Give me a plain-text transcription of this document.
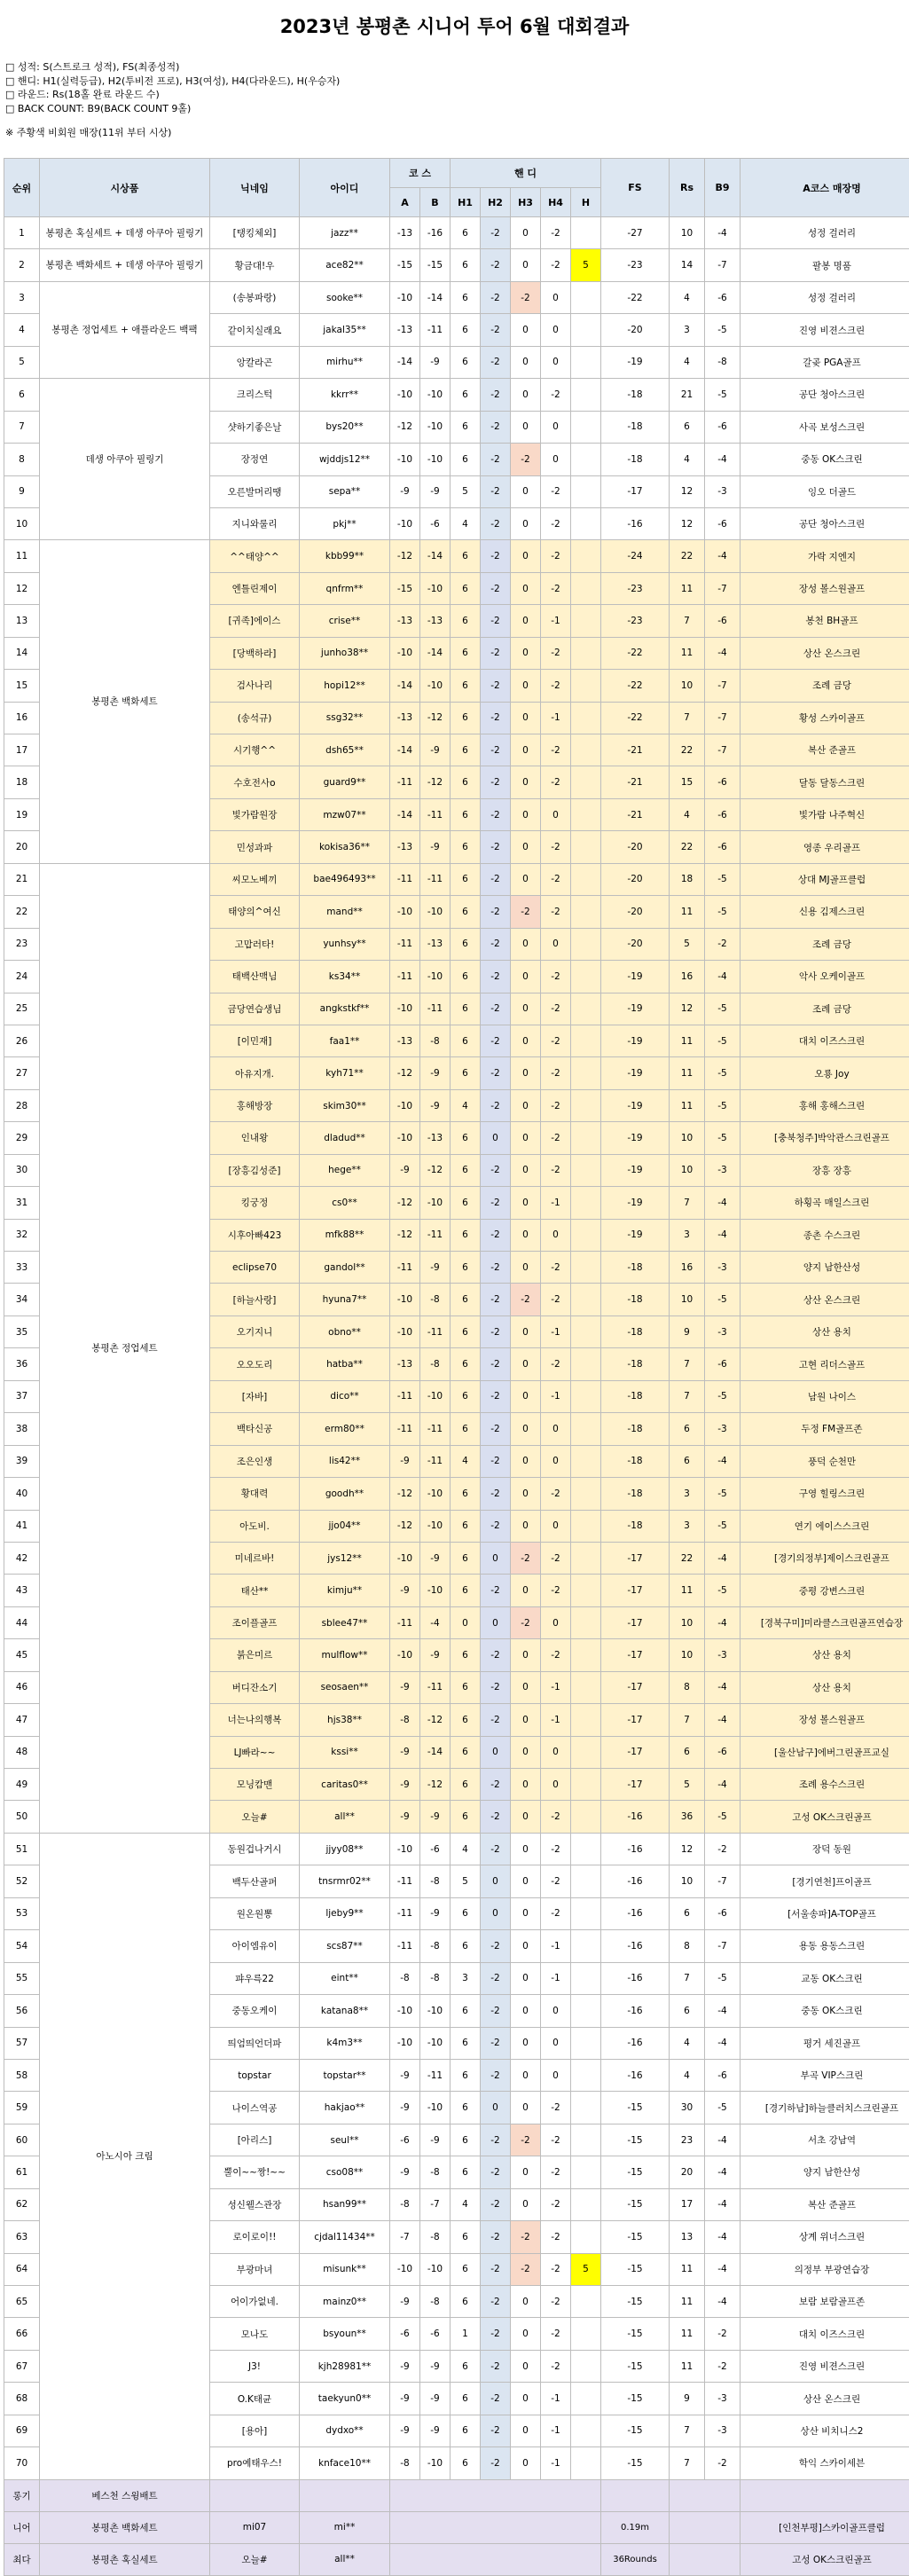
2023년 봉평촌 시니어 투어 6월 대회결과
□ 성적: S(스트로크 성적), FS(최종성적)
□ 핸디: H1(실력등급), H2(투비전 프로), H3(여성), H4(다라운드), H(우승자)
□ 라운드: Rs(18홀 완료 라운드 수)
□ BACK COUNT: B9(BACK COUNT 9홀)
※ 주황색 비회원 매장(11위 부터 시상)
순위	시상품	닉네임	아이디	코 스		핸 디					FS	Rs	B9	A코스 매장명
				A	B	H1	H2	H3	H4	H				
1	봉평촌 혹실세트 + 데생 아쿠아 필링기	[탱킹체외]	jazz**	-13	-16	6	-2	0	-2		-27	10	-4	성정 걸러리
2	봉평촌 백화세트 + 데생 아쿠아 필링기	황금대!우	ace82**	-15	-15	6	-2	0	-2	5	-23	14	-7	팔봉 명품
3	봉평촌 정업세트 + 애플라운드 백팩	(송봉파랑)	sooke**	-10	-14	6	-2	-2	0		-22	4	-6	성정 걸러리
4		같이치실래요	jakal35**	-13	-11	6	-2	0	0		-20	3	-5	진영 비젼스크린
5		앙칼라곤	mirhu**	-14	-9	6	-2	0	0		-19	4	-8	갈곶 PGA골프
6	데생 아쿠아 필링기	크리스턱	kkrr**	-10	-10	6	-2	0	-2		-18	21	-5	공단 청아스크린
7		샷하기좋은날	bys20**	-12	-10	6	-2	0	0		-18	6	-6	사곡 보성스크린
8		장정연	wjddjs12**	-10	-10	6	-2	-2	0		-18	4	-4	중동 OK스크린
9		오른발머리땡	sepa**	-9	-9	5	-2	0	-2		-17	12	-3	잉오 더골드
10		지니와룰리	pkj**	-10	-6	4	-2	0	-2		-16	12	-6	공단 청아스크린
11	봉평촌 백화세트	^^태양^^	kbb99**	-12	-14	6	-2	0	-2		-24	22	-4	가락 지엔지
12		엔틀린제이	qnfrm**	-15	-10	6	-2	0	-2		-23	11	-7	장성 볼스원골프
13		[귀족]에이스	crise**	-13	-13	6	-2	0	-1		-23	7	-6	봉천 BH골프
14		[당백하라]	junho38**	-10	-14	6	-2	0	-2		-22	11	-4	상산 온스크린
15		검사나리	hopi12**	-14	-10	6	-2	0	-2		-22	10	-7	조례 금당
16		(송석규)	ssg32**	-13	-12	6	-2	0	-1		-22	7	-7	황성 스카이골프
17		시기행^^	dsh65**	-14	-9	6	-2	0	-2		-21	22	-7	복산 준골프
18		수호전사o	guard9**	-11	-12	6	-2	0	-2		-21	15	-6	달동 달동스크린
19		빛가람원장	mzw07**	-14	-11	6	-2	0	0		-21	4	-6	빛가람 나주혁신
20		민성과파	kokisa36**	-13	-9	6	-2	0	-2		-20	22	-6	영종 우리골프
21	봉평촌 정업세트	씨모노베끼	bae496493**	-11	-11	6	-2	0	-2		-20	18	-5	상대 MJ골프클럽
22		태양의^여신	mand**	-10	-10	6	-2	-2	-2		-20	11	-5	신용 김제스크린
23		고맙러타!	yunhsy**	-11	-13	6	-2	0	0		-20	5	-2	조례 금당
24		태백산맥님	ks34**	-11	-10	6	-2	0	-2		-19	16	-4	악사 오케이골프
25		금당연습생님	angkstkf**	-10	-11	6	-2	0	-2		-19	12	-5	조례 금당
26		[이민재]	faa1**	-13	-8	6	-2	0	-2		-19	11	-5	대치 이즈스크린
27		아유지개.	kyh71**	-12	-9	6	-2	0	-2		-19	11	-5	오룡 Joy
28		홍해방장	skim30**	-10	-9	4	-2	0	-2		-19	11	-5	홍해 홍해스크린
29		인내왕	dladud**	-10	-13	6	0	0	-2		-19	10	-5	[충북청주]박악관스크린골프
30		[장흥김성준]	hege**	-9	-12	6	-2	0	-2		-19	10	-3	장흥 장흥
31		킹궁정	cs0**	-12	-10	6	-2	0	-1		-19	7	-4	하횡곡 매일스크린
32		시후아빠423	mfk88**	-12	-11	6	-2	0	0		-19	3	-4	종촌 수스크린
33		eclipse70	gandol**	-11	-9	6	-2	0	-2		-18	16	-3	양지 남한산성
34		[하늘사랑]	hyuna7**	-10	-8	6	-2	-2	-2		-18	10	-5	상산 온스크린
35		오기지니	obno**	-10	-11	6	-2	0	-1		-18	9	-3	상산 용치
36		오오도리	hatba**	-13	-8	6	-2	0	-2		-18	7	-6	고현 리더스골프
37		[자바]	dico**	-11	-10	6	-2	0	-1		-18	7	-5	남원 나이스
38		백타신공	erm80**	-11	-11	6	-2	0	0		-18	6	-3	두정 FM골프존
39		조은인생	lis42**	-9	-11	4	-2	0	0		-18	6	-4	풍덕 순천만
40		황대력	goodh**	-12	-10	6	-2	0	-2		-18	3	-5	구영 힐링스크린
41		아도비.	jjo04**	-12	-10	6	-2	0	0		-18	3	-5	연기 에이스스크린
42		미네르바!	jys12**	-10	-9	6	0	-2	-2		-17	22	-4	[경기의정부]제이스크린골프
43		태산**	kimju**	-9	-10	6	-2	0	-2		-17	11	-5	중평 강변스크린
44		조이플골프	sblee47**	-11	-4	0	0	-2	0		-17	10	-4	[경북구미]미라클스크린골프연습장
45		붉은미르	mulflow**	-10	-9	6	-2	0	-2		-17	10	-3	상산 용치
46		버디잔소기	seosaen**	-9	-11	6	-2	0	-1		-17	8	-4	상산 용치
47		너는나의행복	hjs38**	-8	-12	6	-2	0	-1		-17	7	-4	장성 볼스원골프
48		LJ빠라~~	kssi**	-9	-14	6	0	0	0		-17	6	-6	[울산남구]에버그린골프교실
49		모닝캄맨	caritas0**	-9	-12	6	-2	0	0		-17	5	-4	조례 용수스크린
50		오늘#	all**	-9	-9	6	-2	0	-2		-16	36	-5	고성 OK스크린골프
51	아노시아 크림	동원겁나거시	jjyy08**	-10	-6	4	-2	0	-2		-16	12	-2	장덕 동원
52		백두산골퍼	tnsrmr02**	-11	-8	5	0	0	-2		-16	10	-7	[경기연천]프이골프
53		원온원뽕	ljeby9**	-11	-9	6	0	0	-2		-16	6	-6	[서울송파]A-TOP골프
54		아이엠유이	scs87**	-11	-8	6	-2	0	-1		-16	8	-7	용동 용동스크린
55		퍄우륵22	eint**	-8	-8	3	-2	0	-1		-16	7	-5	교동 OK스크린
56		중동오케이	katana8**	-10	-10	6	-2	0	0		-16	6	-4	중동 OK스크린
57		띄엄띄언더파	k4m3**	-10	-10	6	-2	0	0		-16	4	-4	평거 세진골프
58		topstar	topstar**	-9	-11	6	-2	0	0		-16	4	-6	부곡 VIP스크린
59		나이스역공	hakjao**	-9	-10	6	0	0	-2		-15	30	-5	[경기하남]하늘클러치스크린골프
60		[아리스]	seul**	-6	-9	6	-2	-2	-2		-15	23	-4	서초 강남역
61		뿔이~~짱!~~	cso08**	-9	-8	6	-2	0	-2		-15	20	-4	양지 남한산성
62		성신웰스관장	hsan99**	-8	-7	4	-2	0	-2		-15	17	-4	복산 준골프
63		로이로이!!	cjdal11434**	-7	-8	6	-2	-2	-2		-15	13	-4	상계 위너스크린
64		부광마녀	misunk**	-10	-10	6	-2	-2	-2	5	-15	11	-4	의정부 부광연습장
65		어이가없네.	mainz0**	-9	-8	6	-2	0	-2		-15	11	-4	보람 보람골프존
66		모나도	bsyoun**	-6	-6	1	-2	0	-2		-15	11	-2	대치 이즈스크린
67		J3!	kjh28981**	-9	-9	6	-2	0	-2		-15	11	-2	진영 비젼스크린
68		O.K태균	taekyun0**	-9	-9	6	-2	0	-1		-15	9	-3	상산 온스크린
69		[용아]	dydxo**	-9	-9	6	-2	0	-1		-15	7	-3	상산 비치니스2
70		pro예태우스!	knface10**	-8	-10	6	-2	0	-1		-15	7	-2	학익 스카이세븐
롱기	베스천 스윙배트													
니어	봉평촌 백화세트	mi07	mi**								0.19m			[인천부평]스카이골프클럽
최다	봉평촌 혹실세트	오늘#	all**								36Rounds			고성 OK스크린골프
